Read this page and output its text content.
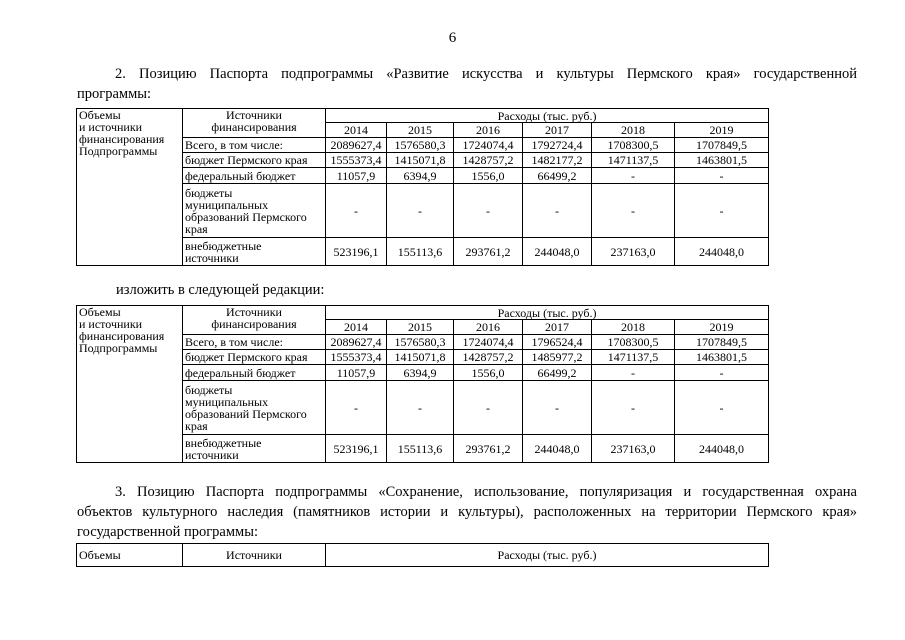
6
2. Позицию Паспорта подпрограммы «Развитие искусства и культуры Пермского края» государственной
программы:
Объемы
и источники
финансирования
Подпрограммы	Источники
финансирования	Расходы (тыс. руб.)					
		2014	2015	2016	2017	2018	2019
	Всего, в том числе:	2089627,4	1576580,3	1724074,4	1792724,4	1708300,5	1707849,5
	бюджет Пермского края	1555373,4	1415071,8	1428757,2	1482177,2	1471137,5	1463801,5
	федеральный бюджет	11057,9	6394,9	1556,0	66499,2	-	-
	бюджеты
муниципальных
образований Пермского
края	-	-	-	-	-	-
	внебюджетные
источники	523196,1	155113,6	293761,2	244048,0	237163,0	244048,0
изложить в следующей редакции:
Объемы
и источники
финансирования
Подпрограммы	Источники
финансирования	Расходы (тыс. руб.)					
		2014	2015	2016	2017	2018	2019
	Всего, в том числе:	2089627,4	1576580,3	1724074,4	1796524,4	1708300,5	1707849,5
	бюджет Пермского края	1555373,4	1415071,8	1428757,2	1485977,2	1471137,5	1463801,5
	федеральный бюджет	11057,9	6394,9	1556,0	66499,2	-	-
	бюджеты
муниципальных
образований Пермского
края	-	-	-	-	-	-
	внебюджетные
источники	523196,1	155113,6	293761,2	244048,0	237163,0	244048,0
3. Позицию Паспорта подпрограммы «Сохранение, использование, популяризация и государственная охрана
объектов культурного наследия (памятников истории и культуры), расположенных на территории Пермского края»
государственной программы:
Объемы	Источники	Расходы (тыс. руб.)
